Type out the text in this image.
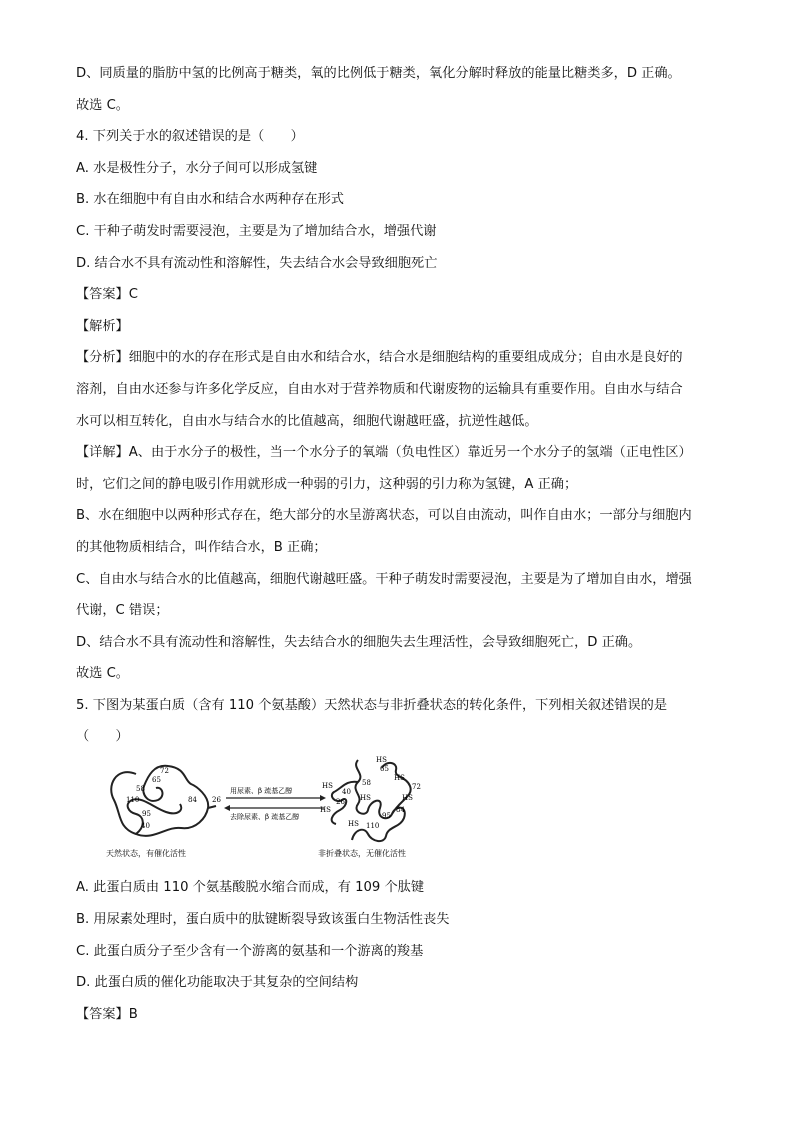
D、同质量的脂肪中氢的比例高于糖类，氧的比例低于糖类，氧化分解时释放的能量比糖类多，D 正确。

故选 C。

4. 下列关于水的叙述错误的是（　　）

A. 水是极性分子，水分子间可以形成氢键

B. 水在细胞中有自由水和结合水两种存在形式

C. 干种子萌发时需要浸泡，主要是为了增加结合水，增强代谢

D. 结合水不具有流动性和溶解性，失去结合水会导致细胞死亡

【答案】C

【解析】

【分析】细胞中的水的存在形式是自由水和结合水，结合水是细胞结构的重要组成成分；自由水是良好的

溶剂，自由水还参与许多化学反应，自由水对于营养物质和代谢废物的运输具有重要作用。自由水与结合

水可以相互转化，自由水与结合水的比值越高，细胞代谢越旺盛，抗逆性越低。

【详解】A、由于水分子的极性，当一个水分子的氧端（负电性区）靠近另一个水分子的氢端（正电性区）

时，它们之间的静电吸引作用就形成一种弱的引力，这种弱的引力称为氢键，A 正确；

B、水在细胞中以两种形式存在，绝大部分的水呈游离状态，可以自由流动，叫作自由水；一部分与细胞内

的其他物质相结合，叫作结合水，B 正确；

C、自由水与结合水的比值越高，细胞代谢越旺盛。干种子萌发时需要浸泡，主要是为了增加自由水，增强

代谢，C 错误；

D、结合水不具有流动性和溶解性，失去结合水的细胞失去生理活性，会导致细胞死亡，D 正确。

故选 C。

5. 下图为某蛋白质（含有 110 个氨基酸）天然状态与非折叠状态的转化条件，下列相关叙述错误的是

（　　）

72
65
58
110	84 26
95
40
天然状态，有催化活性
用尿素、β 巯基乙醇
去除尿素、β 巯基乙醇
HS
65
HS
72
58
HS
40
HS
26
HS
HS
84
95
HS 110
非折叠状态，无催化活性

A. 此蛋白质由 110 个氨基酸脱水缩合而成，有 109 个肽键

B. 用尿素处理时，蛋白质中的肽键断裂导致该蛋白生物活性丧失

C. 此蛋白质分子至少含有一个游离的氨基和一个游离的羧基

D. 此蛋白质的催化功能取决于其复杂的空间结构

【答案】B
